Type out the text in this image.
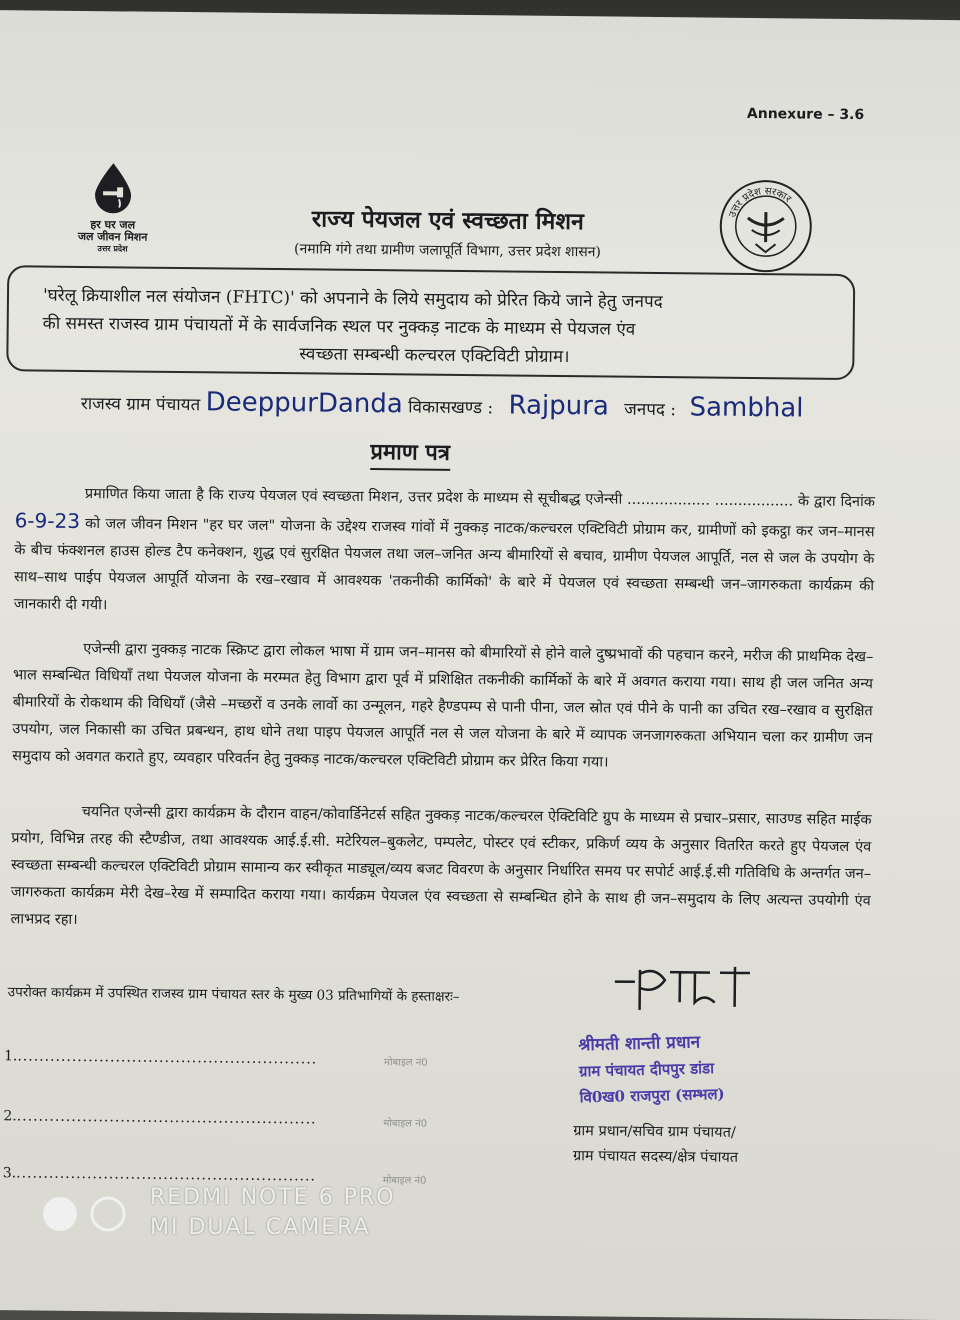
Annexure – 3.6
हर घर जल
जल जीवन मिशन
उत्तर प्रदेश
उत्तर प्रदेश सरकार
राज्य पेयजल एवं स्वच्छता मिशन
(नमामि गंगे तथा ग्रामीण जलापूर्ति विभाग, उत्तर प्रदेश शासन)

'घरेलू क्रियाशील नल संयोजन (FHTC)' को अपनाने के लिये समुदाय को प्रेरित किये जाने हेतु जनपद

की समस्त राजस्व ग्राम पंचायतों में के सार्वजनिक स्थल पर नुक्कड़ नाटक के माध्यम से पेयजल एंव

स्वच्छता सम्बन्धी कल्चरल एक्टिविटी प्रोग्राम।

राजस्व ग्राम पंचायत DeeppurDanda विकासखण्ड : Rajpura जनपद : Sambhal
प्रमाण पत्र

प्रमाणित किया जाता है कि राज्य पेयजल एवं स्वच्छता मिशन, उत्तर प्रदेश के माध्यम से सूचीबद्ध एजेन्सी .................. ................. के द्वारा दिनांक 6-9-23 को जल जीवन मिशन "हर घर जल" योजना के उद्देश्य राजस्व गांवों में नुक्कड़ नाटक/कल्चरल एक्टिविटी प्रोग्राम कर, ग्रामीणों को इकट्ठा कर जन–मानस के बीच फंक्शनल हाउस होल्ड टैप कनेक्शन, शुद्ध एवं सुरक्षित पेयजल तथा जल–जनित अन्य बीमारियों से बचाव, ग्रामीण पेयजल आपूर्ति, नल से जल के उपयोग के साथ–साथ पाईप पेयजल आपूर्ति योजना के रख–रखाव में आवश्यक 'तकनीकी कार्मिको' के बारे में पेयजल एवं स्वच्छता सम्बन्धी जन–जागरुकता कार्यक्रम की जानकारी दी गयी।

एजेन्सी द्वारा नुक्कड़ नाटक स्क्रिप्ट द्वारा लोकल भाषा में ग्राम जन–मानस को बीमारियों से होने वाले दुष्प्रभावों की पहचान करने, मरीज की प्राथमिक देख–भाल सम्बन्धित विधियॉं तथा पेयजल योजना के मरम्मत हेतु विभाग द्वारा पूर्व में प्रशिक्षित तकनीकी कार्मिकों के बारे में अवगत कराया गया। साथ ही जल जनित अन्य बीमारियों के रोकथाम की विधियॉं (जैसे –मच्छरों व उनके लार्वो का उन्मूलन, गहरे हैण्डपम्प से पानी पीना, जल स्रोत एवं पीने के पानी का उचित रख–रखाव व सुरक्षित उपयोग, जल निकासी का उचित प्रबन्धन, हाथ धोने तथा पाइप पेयजल आपूर्ति नल से जल योजना के बारे में व्यापक जनजागरुकता अभियान चला कर ग्रामीण जन समुदाय को अवगत कराते हुए, व्यवहार परिवर्तन हेतु नुक्कड़ नाटक/कल्चरल एक्टिविटी प्रोग्राम कर प्रेरित किया गया।

चयनित एजेन्सी द्वारा कार्यक्रम के दौरान वाहन/कोवार्डिनेटर्स सहित नुक्कड़ नाटक/कल्चरल ऐक्टिविटि ग्रुप के माध्यम से प्रचार–प्रसार, साउण्ड सहित माईक प्रयोग, विभिन्न तरह की स्टैण्डीज, तथा आवश्यक आई.ई.सी. मटेरियल–बुकलेट, पम्पलेट, पोस्टर एवं स्टीकर, प्रकिर्ण व्यय के अनुसार वितरित करते हुए पेयजल एंव स्वच्छता सम्बन्धी कल्चरल एक्टिविटी प्रोग्राम सामान्य कर स्वीकृत माड्यूल/व्यय बजट विवरण के अनुसार निर्धारित समय पर सपोर्ट आई.ई.सी गतिविधि के अन्तर्गत जन–जागरुकता कार्यक्रम मेरी देख–रेख में सम्पादित कराया गया। कार्यक्रम पेयजल एंव स्वच्छता से सम्बन्धित होने के साथ ही जन–समुदाय के लिए अत्यन्त उपयोगी एंव लाभप्रद रहा।

उपरोक्त कार्यक्रम में उपस्थित राजस्व ग्राम पंचायत स्तर के मुख्य 03 प्रतिभागियों के हस्ताक्षरः–
1........................................................	मोबाइल नं0
2........................................................	मोबाइल नं0
3........................................................	मोबाइल नं0
श्रीमती शान्ती प्रधान
ग्राम पंचायत दीपपुर डांडा
वि0ख0 राजपुरा (सम्भल)
ग्राम प्रधान/सचिव ग्राम पंचायत/
ग्राम पंचायत सदस्य/क्षेत्र पंचायत
REDMI NOTE 6 PRO
MI DUAL CAMERA
